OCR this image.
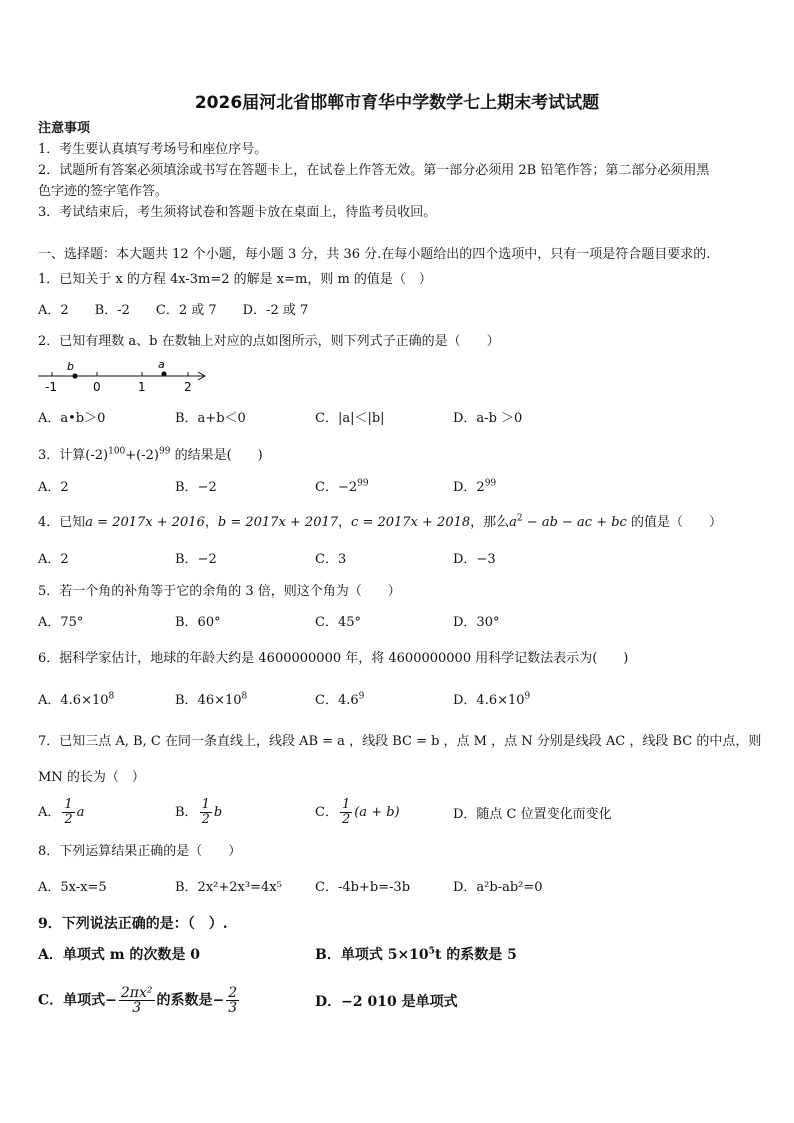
2026届河北省邯郸市育华中学数学七上期末考试试题
注意事项
1．考生要认真填写考场号和座位序号。
2．试题所有答案必须填涂或书写在答题卡上，在试卷上作答无效。第一部分必须用 2B 铅笔作答；第二部分必须用黑
色字迹的签字笔作答。
3．考试结束后，考生须将试卷和答题卡放在桌面上，待监考员收回。
一、选择题：本大题共 12 个小题，每小题 3 分，共 36 分.在每小题给出的四个选项中，只有一项是符合题目要求的.
1．已知关于 x 的方程 4x-3m=2 的解是 x=m，则 m 的值是（　）
A．2　　B．-2　　C．2 或 7　　D．-2 或 7
2．已知有理数 a、b 在数轴上对应的点如图所示，则下列式子正确的是（　　）
b	a
-1	0	1	2
A．a•b＞0	B．a+b＜0	C．|a|＜|b|	D．a-b ＞0
3．计算$(-2)^{100}+(-2)^{99}$ 的结果是(　　)
A．2	B．−2	C．$-2^{99}$	D．$2^{99}$
4．已知a = 2017x + 2016，b = 2017x + 2017，c = 2017x + 2018，那么$a^2$ − ab − ac + bc 的值是（　　）
A．2	B．−2	C．3	D．−3
5．若一个角的补角等于它的余角的 3 倍，则这个角为（　　）
A．75°	B．60°	C．45°	D．30°
6．据科学家估计，地球的年龄大约是 4600000000 年，将 4600000000 用科学记数法表示为(　　)
A．$4.6\times 10^8$	B．$46\times 10^8$	C．$4.6^9$	D．$4.6\times 10^9$
7．已知三点 A, B, C 在同一条直线上，线段 AB = a ，线段 BC = b ，点 M ，点 N 分别是线段 AC ，线段 BC 的中点，则
MN 的长为（　）
A． $\frac{1}{2}$ a	B． $\frac{1}{2}$ b	C． $\frac{1}{2} (a + b)$	D．随点 C 位置变化而变化
8．下列运算结果正确的是（　　）
A．5x-x=5	B．2x²+2x³=4x⁵	C．-4b+b=-3b	D．a²b-ab²=0
9．下列说法正确的是：（　）.
A．单项式 m 的次数是 0	B．单项式 $5\times 10^5t$ 的系数是 5
C．单项式− $\frac{\text{2πx²}}{3}$ 的系数是− $\frac{2}{3}$	D．−2 010 是单项式
